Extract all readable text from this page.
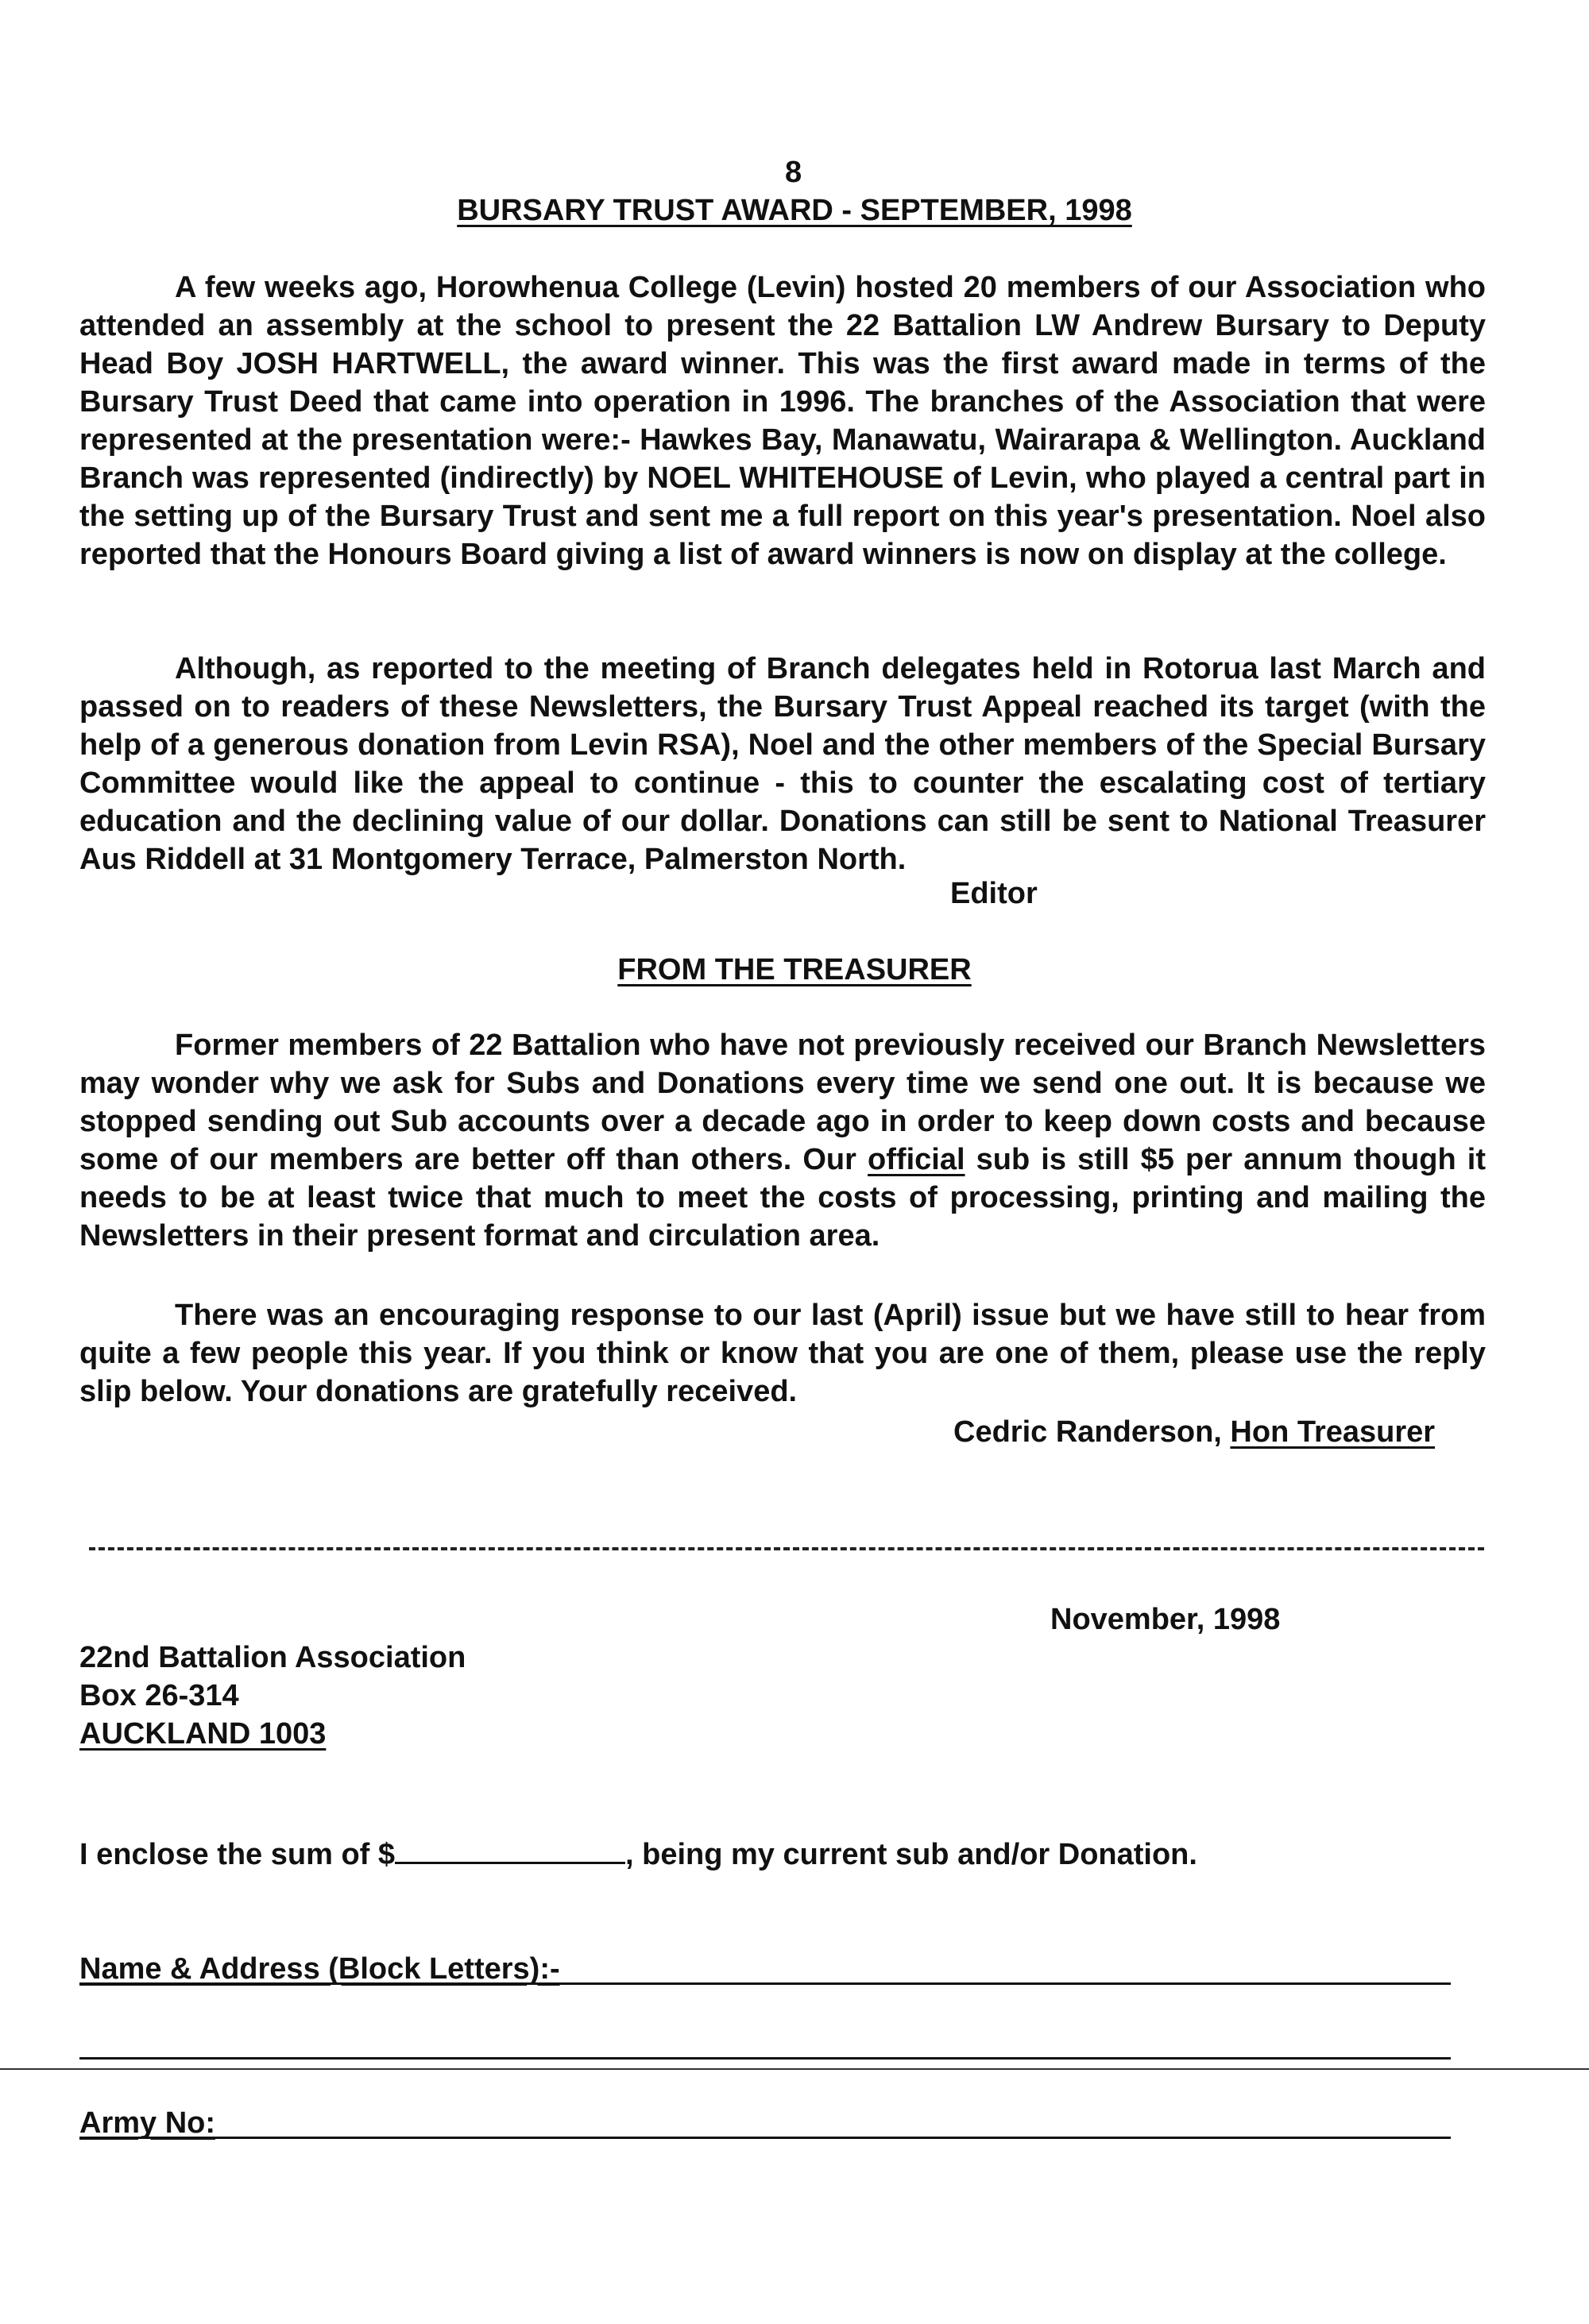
8
BURSARY TRUST AWARD - SEPTEMBER, 1998

A few weeks ago, Horowhenua College (Levin) hosted 20 members of our Association who attended an assembly at the school to present the 22 Battalion LW Andrew Bursary to Deputy Head Boy JOSH HARTWELL, the award winner. This was the first award made in terms of the Bursary Trust Deed that came into operation in 1996. The branches of the Association that were represented at the presentation were:- Hawkes Bay, Manawatu, Wairarapa & Wellington. Auckland Branch was represented (indirectly) by NOEL WHITEHOUSE of Levin, who played a central part in the setting up of the Bursary Trust and sent me a full report on this year's presentation. Noel also reported that the Honours Board giving a list of award winners is now on display at the college.

Although, as reported to the meeting of Branch delegates held in Rotorua last March and passed on to readers of these Newsletters, the Bursary Trust Appeal reached its target (with the help of a generous donation from Levin RSA), Noel and the other members of the Special Bursary Committee would like the appeal to continue - this to counter the escalating cost of tertiary education and the declining value of our dollar. Donations can still be sent to National Treasurer Aus Riddell at 31 Montgomery Terrace, Palmerston North.

Editor
FROM THE TREASURER

Former members of 22 Battalion who have not previously received our Branch Newsletters may wonder why we ask for Subs and Donations every time we send one out. It is because we stopped sending out Sub accounts over a decade ago in order to keep down costs and because some of our members are better off than others. Our official sub is still $5 per annum though it needs to be at least twice that much to meet the costs of processing, printing and mailing the Newsletters in their present format and circulation area.

There was an encouraging response to our last (April) issue but we have still to hear from quite a few people this year. If you think or know that you are one of them, please use the reply slip below. Your donations are gratefully received.

Cedric Randerson, Hon Treasurer
November, 1998
22nd Battalion Association
Box 26-314
AUCKLAND 1003
I enclose the sum of $	, being my current sub and/or Donation.
Name & Address (Block Letters):-
Army No:
